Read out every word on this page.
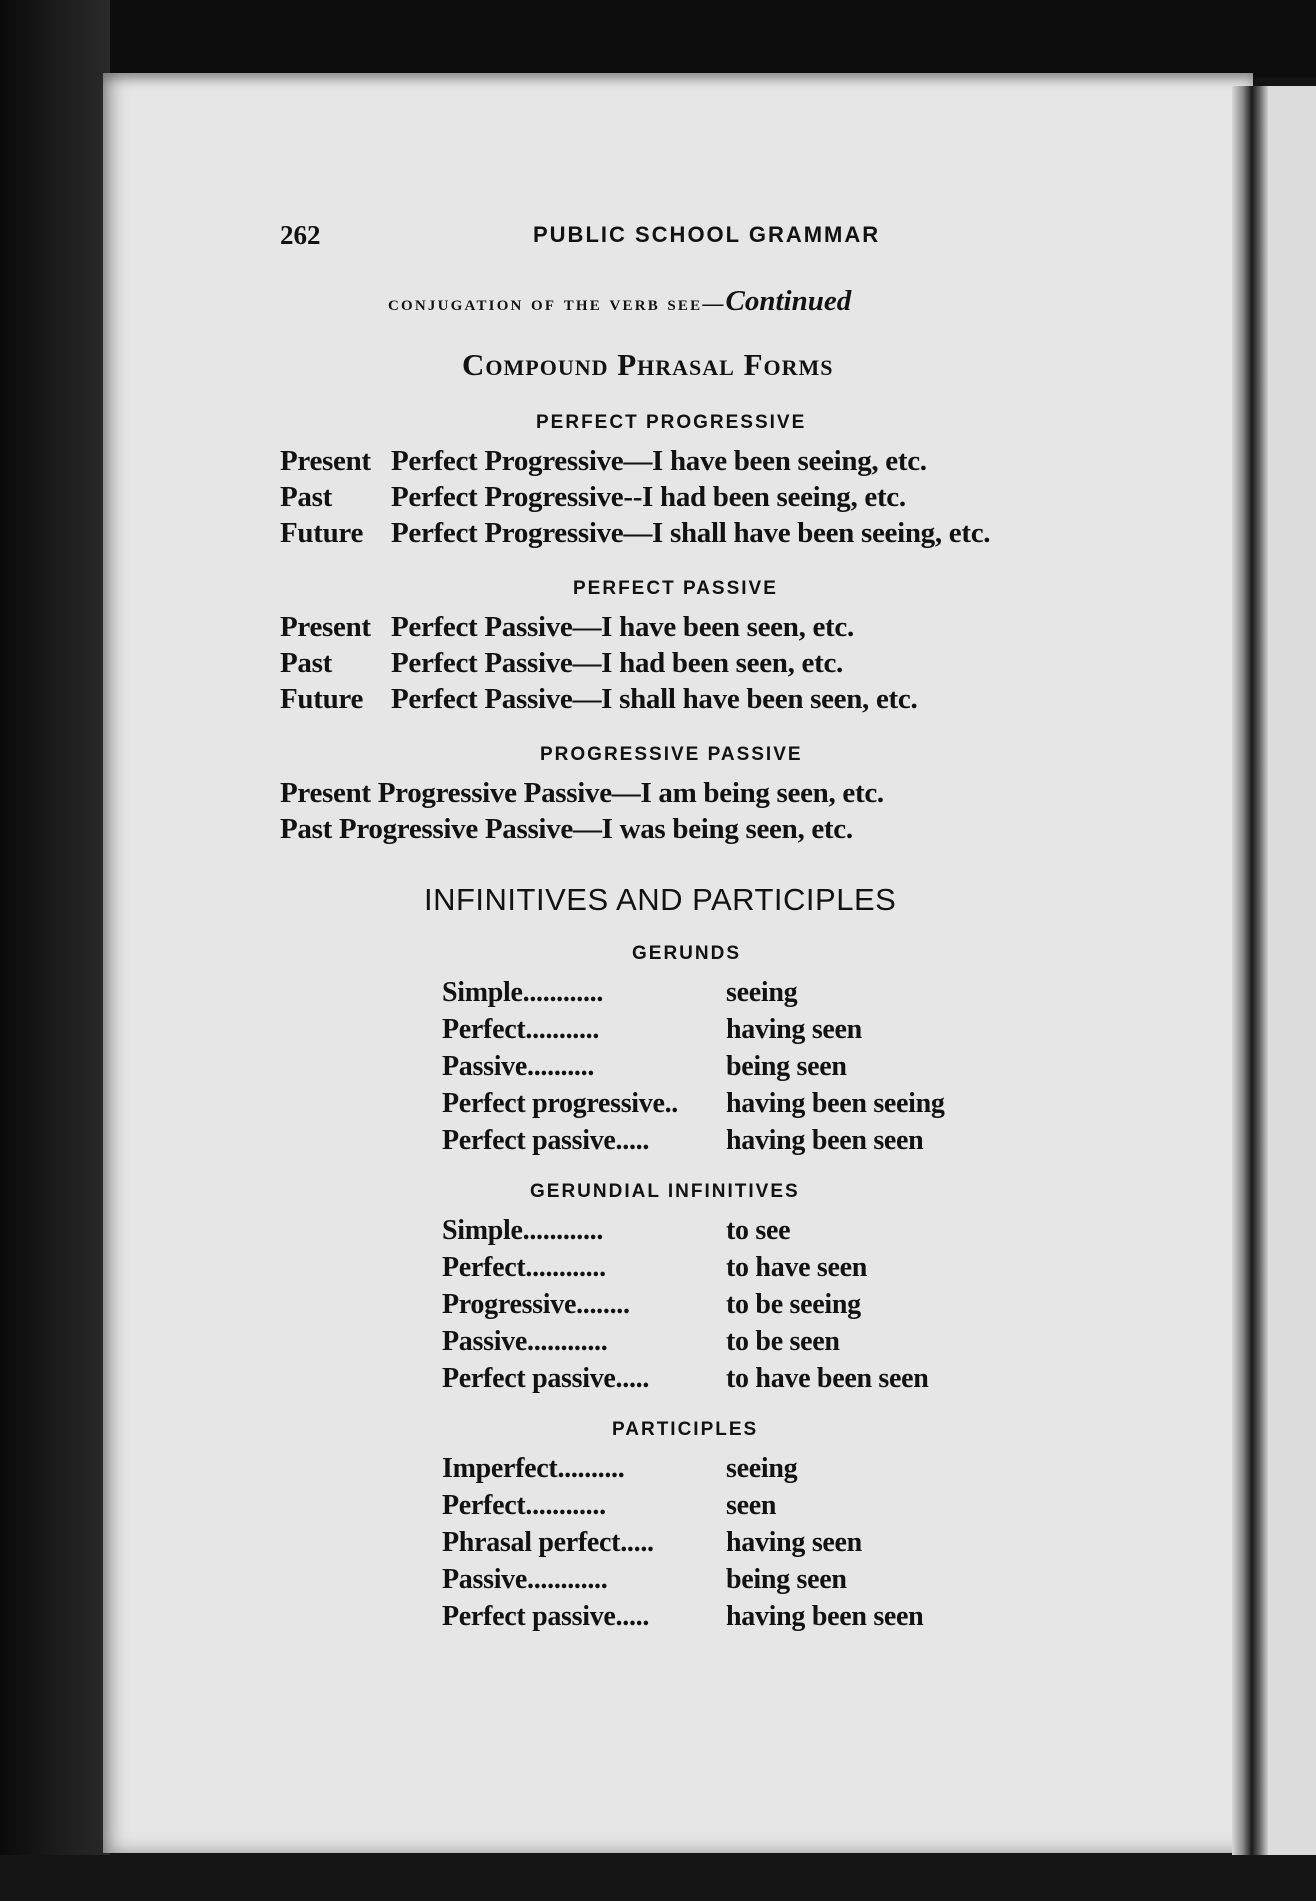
262	PUBLIC SCHOOL GRAMMAR
conjugation of the verb see—Continued
Compound Phrasal Forms
PERFECT PROGRESSIVE
Present Perfect Progressive—I have been seeing, etc.
Past Perfect Progressive--I had been seeing, etc.
Future Perfect Progressive—I shall have been seeing, etc.
PERFECT PASSIVE
Present Perfect Passive—I have been seen, etc.
Past Perfect Passive—I had been seen, etc.
Future Perfect Passive—I shall have been seen, etc.
PROGRESSIVE PASSIVE
Present Progressive Passive—I am being seen, etc.
Past Progressive Passive—I was being seen, etc.
INFINITIVES AND PARTICIPLES
GERUNDS
Simple ............	seeing
Perfect ...........	having seen
Passive ..........	being seen
Perfect progressive ..	having been seeing
Perfect passive .....	having been seen
GERUNDIAL INFINITIVES
Simple ............	to see
Perfect ............	to have seen
Progressive ........	to be seeing
Passive ............	to be seen
Perfect passive .....	to have been seen
PARTICIPLES
Imperfect ..........	seeing
Perfect ............	seen
Phrasal perfect .....	having seen
Passive ............	being seen
Perfect passive .....	having been seen
